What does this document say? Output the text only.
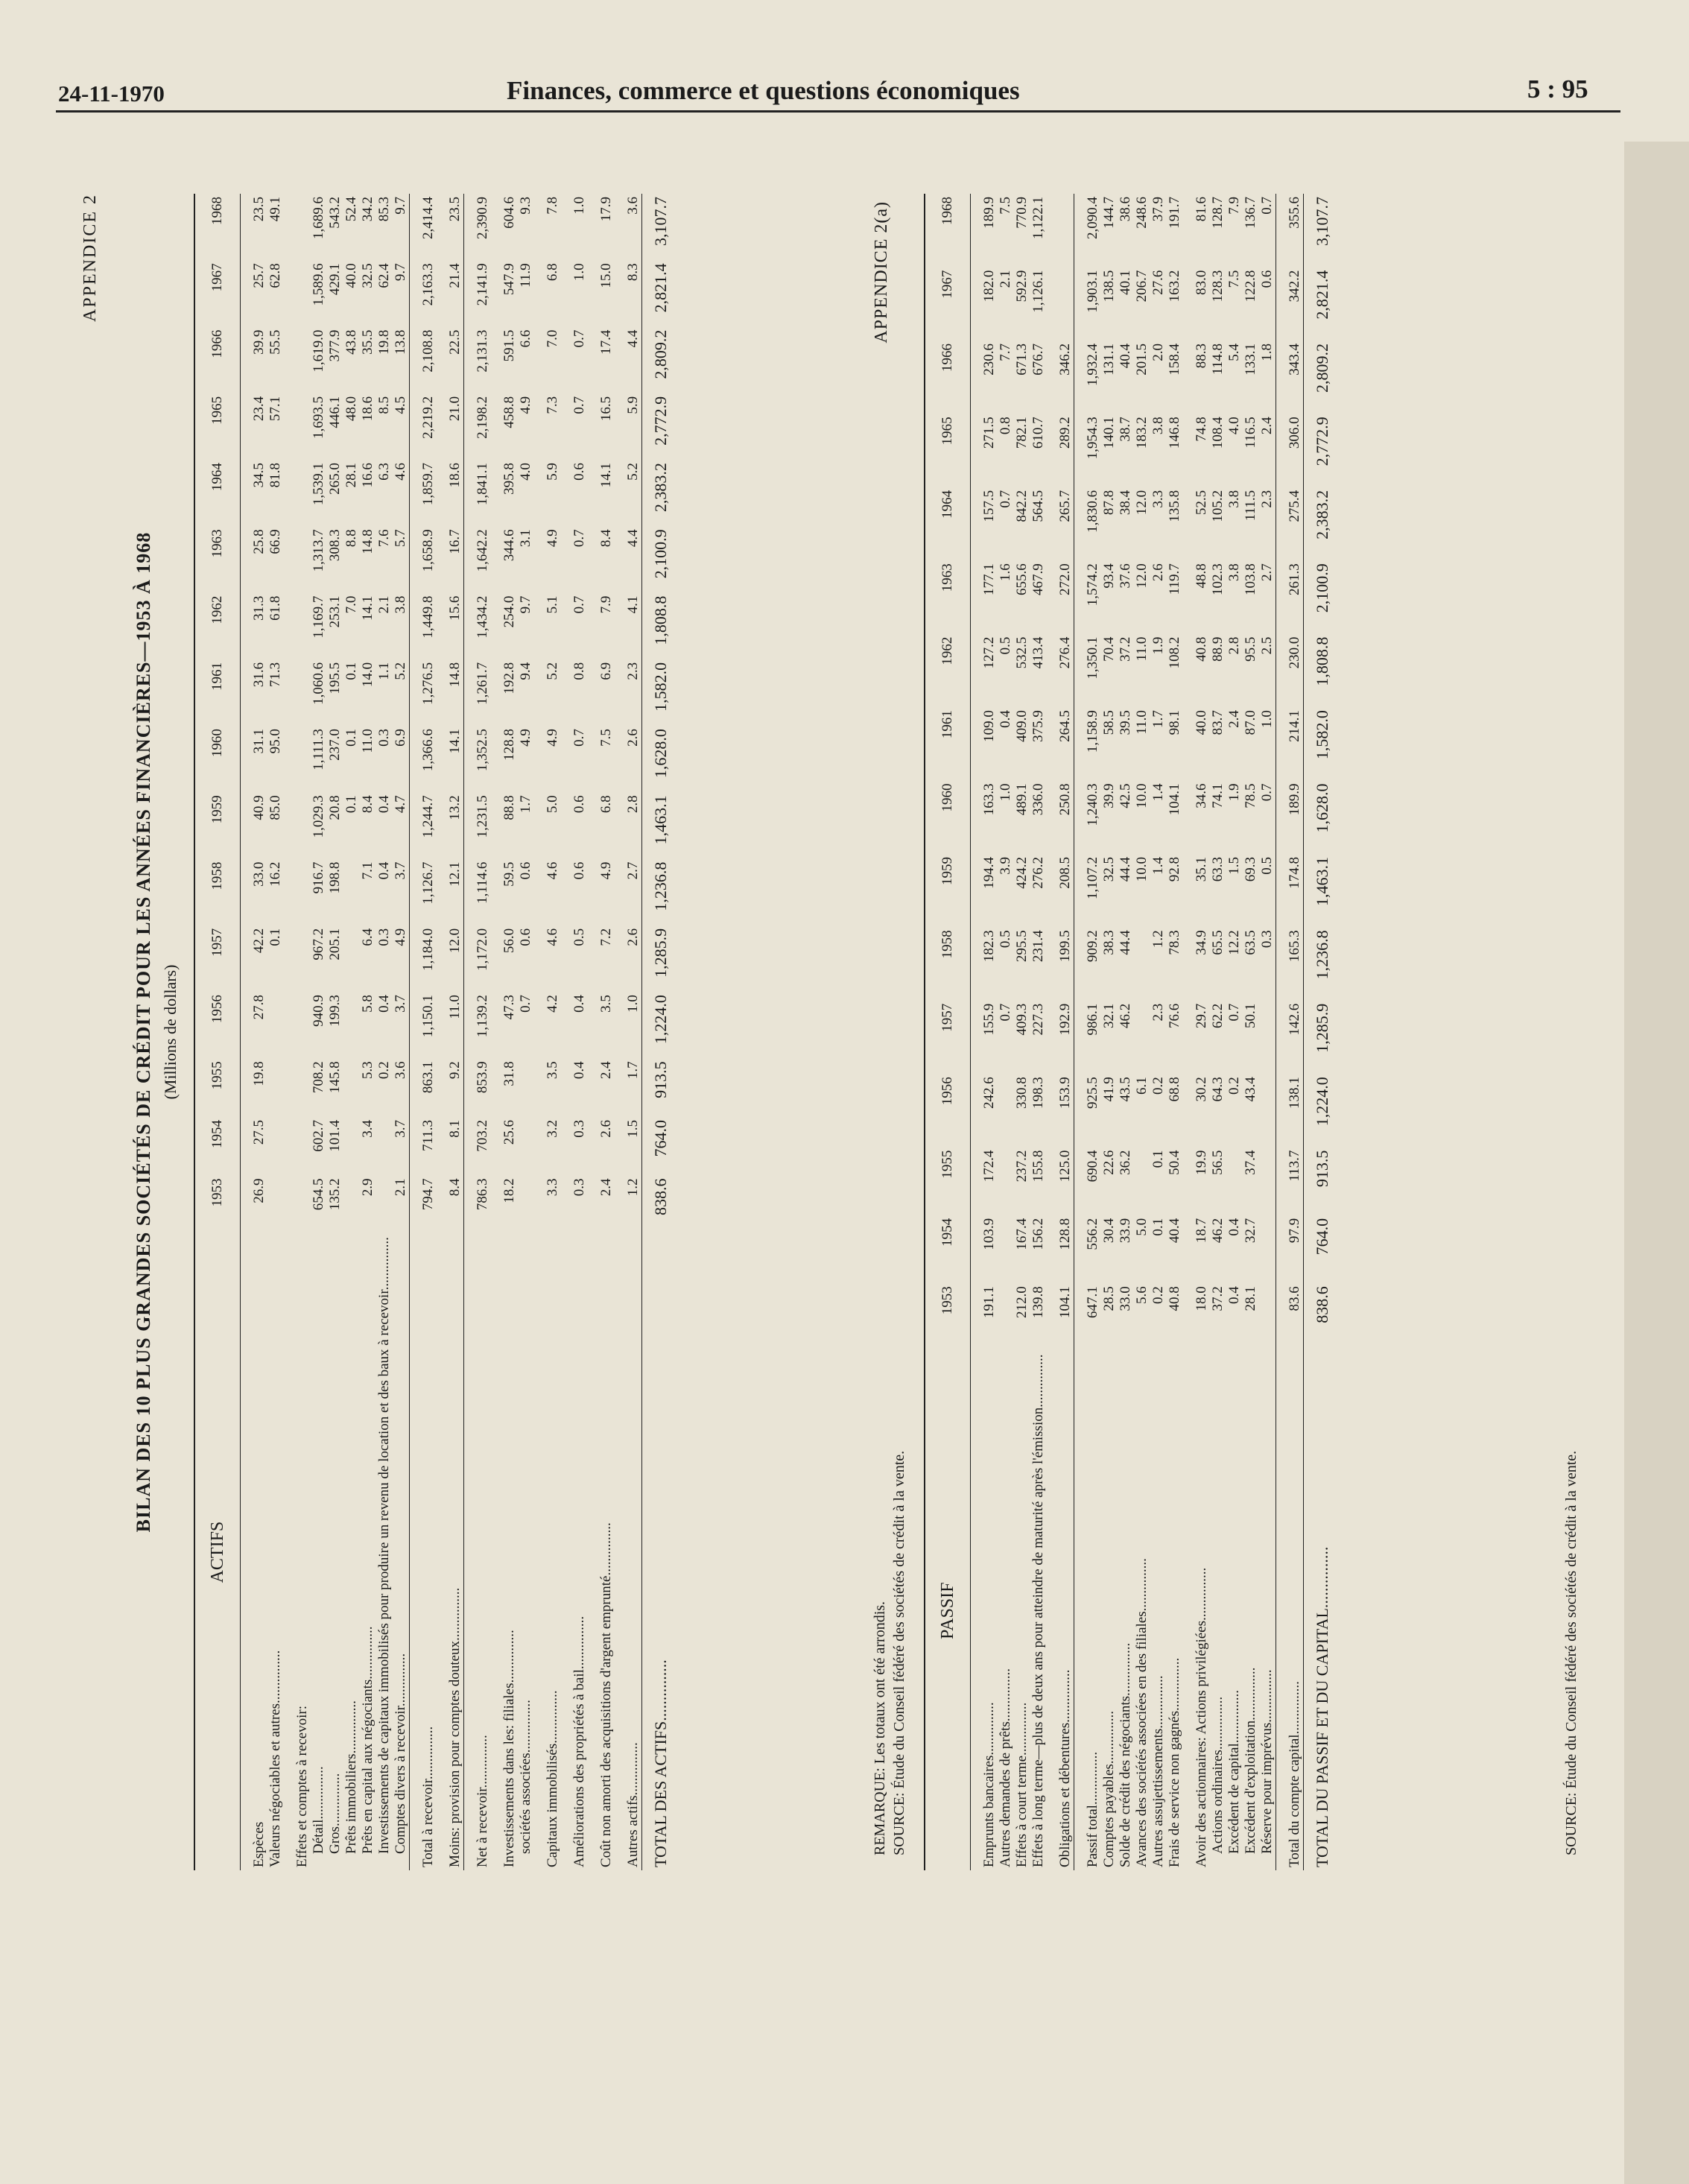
24-11-1970	Finances, commerce et questions économiques	5 : 95
APPENDICE 2
BILAN DES 10 PLUS GRANDES SOCIÉTÉS DE CRÉDIT POUR LES ANNÉES FINANCIÈRES—1953 À 1968 (Millions de dollars)
ACTIFS	1953	1954	1955	1956	1957	1958	1959	1960	1961	1962	1963	1964	1965	1966	1967	1968
Espèces	26.9	27.5	19.8	27.8	42.2	33.0	40.9	31.1	31.6	31.3	25.8	34.5	23.4	39.9	25.7	23.5
Valeurs négociables et autres...............					0.1	16.2	85.0	95.0	71.3	61.8	66.9	81.8	57.1	55.5	62.8	49.1
Effets et comptes à recevoir:																
Détail...............	654.5	602.7	708.2	940.9	967.2	916.7	1,029.3	1,111.3	1,060.6	1,169.7	1,313.7	1,539.1	1,693.5	1,619.0	1,589.6	1,689.6
Gros...............	135.2	101.4	145.8	199.3	205.1	198.8	20.8	237.0	195.5	253.1	308.3	265.0	446.1	377.9	429.1	543.2
Prêts immobiliers...............							0.1	0.1	0.1	7.0	8.8	28.1	48.0	43.8	40.0	52.4
Prêts en capital aux négociants...............	2.9	3.4	5.3	5.8	6.4	7.1	8.4	11.0	14.0	14.1	14.8	16.6	18.6	35.5	32.5	34.2
Investissements de capitaux immobilisés pour produire un revenu de location et des baux à recevoir...............			0.2	0.4	0.3	0.4	0.4	0.3	1.1	2.1	7.6	6.3	8.5	19.8	62.4	85.3
Comptes divers à recevoir...............	2.1	3.7	3.6	3.7	4.9	3.7	4.7	6.9	5.2	3.8	5.7	4.6	4.5	13.8	9.7	9.7
Total à recevoir...............	794.7	711.3	863.1	1,150.1	1,184.0	1,126.7	1,244.7	1,366.6	1,276.5	1,449.8	1,658.9	1,859.7	2,219.2	2,108.8	2,163.3	2,414.4
Moins: provision pour comptes douteux...............	8.4	8.1	9.2	11.0	12.0	12.1	13.2	14.1	14.8	15.6	16.7	18.6	21.0	22.5	21.4	23.5
Net à recevoir...............	786.3	703.2	853.9	1,139.2	1,172.0	1,114.6	1,231.5	1,352.5	1,261.7	1,434.2	1,642.2	1,841.1	2,198.2	2,131.3	2,141.9	2,390.9
Investissements dans les: filiales...............	18.2	25.6	31.8	47.3	56.0	59.5	88.8	128.8	192.8	254.0	344.6	395.8	458.8	591.5	547.9	604.6
sociétés associées...............				0.7	0.6	0.6	1.7	4.9	9.4	9.7	3.1	4.0	4.9	6.6	11.9	9.3
Capitaux immobilisés...............	3.3	3.2	3.5	4.2	4.6	4.6	5.0	4.9	5.2	5.1	4.9	5.9	7.3	7.0	6.8	7.8
Améliorations des propriétés à bail...............	0.3	0.3	0.4	0.4	0.5	0.6	0.6	0.7	0.8	0.7	0.7	0.6	0.7	0.7	1.0	1.0
Coût non amorti des acquisitions d'argent emprunté...............	2.4	2.6	2.4	3.5	7.2	4.9	6.8	7.5	6.9	7.9	8.4	14.1	16.5	17.4	15.0	17.9
Autres actifs...............	1.2	1.5	1.7	1.0	2.6	2.7	2.8	2.6	2.3	4.1	4.4	5.2	5.9	4.4	8.3	3.6
TOTAL DES ACTIFS...............	838.6	764.0	913.5	1,224.0	1,285.9	1,236.8	1,463.1	1,628.0	1,582.0	1,808.8	2,100.9	2,383.2	2,772.9	2,809.2	2,821.4	3,107.7
REMARQUE: Les totaux ont été arrondis. SOURCE: Étude du Conseil fédéré des sociétés de crédit à la vente.
APPENDICE 2(a)
PASSIF	1953	1954	1955	1956	1957	1958	1959	1960	1961	1962	1963	1964	1965	1966	1967	1968
Emprunts bancaires...............	191.1	103.9	172.4	242.6	155.9	182.3	194.4	163.3	109.0	127.2	177.1	157.5	271.5	230.6	182.0	189.9
Autres demandes de prêts...............					0.7	0.5	3.9	1.0	0.4	0.5	1.6	0.7	0.8	7.7	2.1	7.5
Effets à court terme...............	212.0	167.4	237.2	330.8	409.3	295.5	424.2	489.1	409.0	532.5	655.6	842.2	782.1	671.3	592.9	770.9
Effets à long terme—plus de deux ans pour atteindre de maturité après l'émission...............	139.8	156.2	155.8	198.3	227.3	231.4	276.2	336.0	375.9	413.4	467.9	564.5	610.7	676.7	1,126.1	1,122.1
Obligations et débentures...............	104.1	128.8	125.0	153.9	192.9	199.5	208.5	250.8	264.5	276.4	272.0	265.7	289.2	346.2		
Passif total...............	647.1	556.2	690.4	925.5	986.1	909.2	1,107.2	1,240.3	1,158.9	1,350.1	1,574.2	1,830.6	1,954.3	1,932.4	1,903.1	2,090.4
Comptes payables...............	28.5	30.4	22.6	41.9	32.1	38.3	32.5	39.9	58.5	70.4	93.4	87.8	140.1	131.1	138.5	144.7
Solde de crédit des négociants...............	33.0	33.9	36.2	43.5	46.2	44.4	44.4	42.5	39.5	37.2	37.6	38.4	38.7	40.4	40.1	38.6
Avances des sociétés associées en des filiales...............	5.6	5.0		6.1			10.0	10.0	11.0	11.0	12.0	12.0	183.2	201.5	206.7	248.6
Autres assujettissements...............	0.2	0.1	0.1	0.2	2.3	1.2	1.4	1.4	1.7	1.9	2.6	3.3	3.8	2.0	27.6	37.9
Frais de service non gagnés...............	40.8	40.4	50.4	68.8	76.6	78.3	92.8	104.1	98.1	108.2	119.7	135.8	146.8	158.4	163.2	191.7
Avoir des actionnaires: Actions privilégiées...............	18.0	18.7	19.9	30.2	29.7	34.9	35.1	34.6	40.0	40.8	48.8	52.5	74.8	88.3	83.0	81.6
Actions ordinaires...............	37.2	46.2	56.5	64.3	62.2	65.5	63.3	74.1	83.7	88.9	102.3	105.2	108.4	114.8	128.3	128.7
Excédent de capital...............	0.4	0.4		0.2	0.7	12.2	1.5	1.9	2.4	2.8	3.8	3.8	4.0	5.4	7.5	7.9
Excédent d'exploitation...............	28.1	32.7	37.4	43.4	50.1	63.5	69.3	78.5	87.0	95.5	103.8	111.5	116.5	133.1	122.8	136.7
Réserve pour imprévus...............						0.3	0.5	0.7	1.0	2.5	2.7	2.3	2.4	1.8	0.6	0.7
Total du compte capital...............	83.6	97.9	113.7	138.1	142.6	165.3	174.8	189.9	214.1	230.0	261.3	275.4	306.0	343.4	342.2	355.6
TOTAL DU PASSIF ET DU CAPITAL...............	838.6	764.0	913.5	1,224.0	1,285.9	1,236.8	1,463.1	1,628.0	1,582.0	1,808.8	2,100.9	2,383.2	2,772.9	2,809.2	2,821.4	3,107.7
SOURCE: Étude du Conseil fédéré des sociétés de crédit à la vente.
